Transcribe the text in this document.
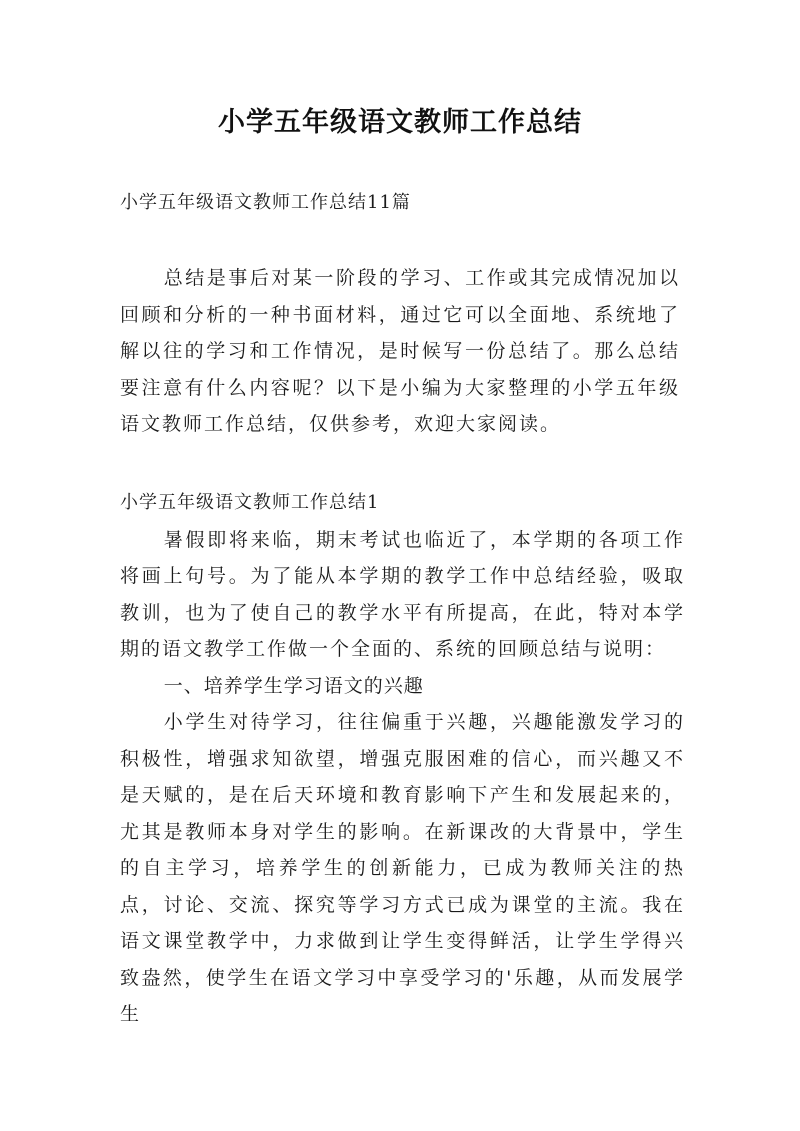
小学五年级语文教师工作总结
小学五年级语文教师工作总结11篇

总结是事后对某一阶段的学习、工作或其完成情况加以回顾和分析的一种书面材料，通过它可以全面地、系统地了解以往的学习和工作情况，是时候写一份总结了。那么总结要注意有什么内容呢？以下是小编为大家整理的小学五年级语文教师工作总结，仅供参考，欢迎大家阅读。

小学五年级语文教师工作总结1

暑假即将来临，期末考试也临近了，本学期的各项工作将画上句号。为了能从本学期的教学工作中总结经验，吸取教训，也为了使自己的教学水平有所提高，在此，特对本学期的语文教学工作做一个全面的、系统的回顾总结与说明：

一、培养学生学习语文的兴趣

小学生对待学习，往往偏重于兴趣，兴趣能激发学习的积极性，增强求知欲望，增强克服困难的信心，而兴趣又不是天赋的，是在后天环境和教育影响下产生和发展起来的，尤其是教师本身对学生的影响。在新课改的大背景中，学生的自主学习，培养学生的创新能力，已成为教师关注的热点，讨论、交流、探究等学习方式已成为课堂的主流。我在语文课堂教学中，力求做到让学生变得鲜活，让学生学得兴致盎然，使学生在语文学习中享受学习的'乐趣，从而发展学生
